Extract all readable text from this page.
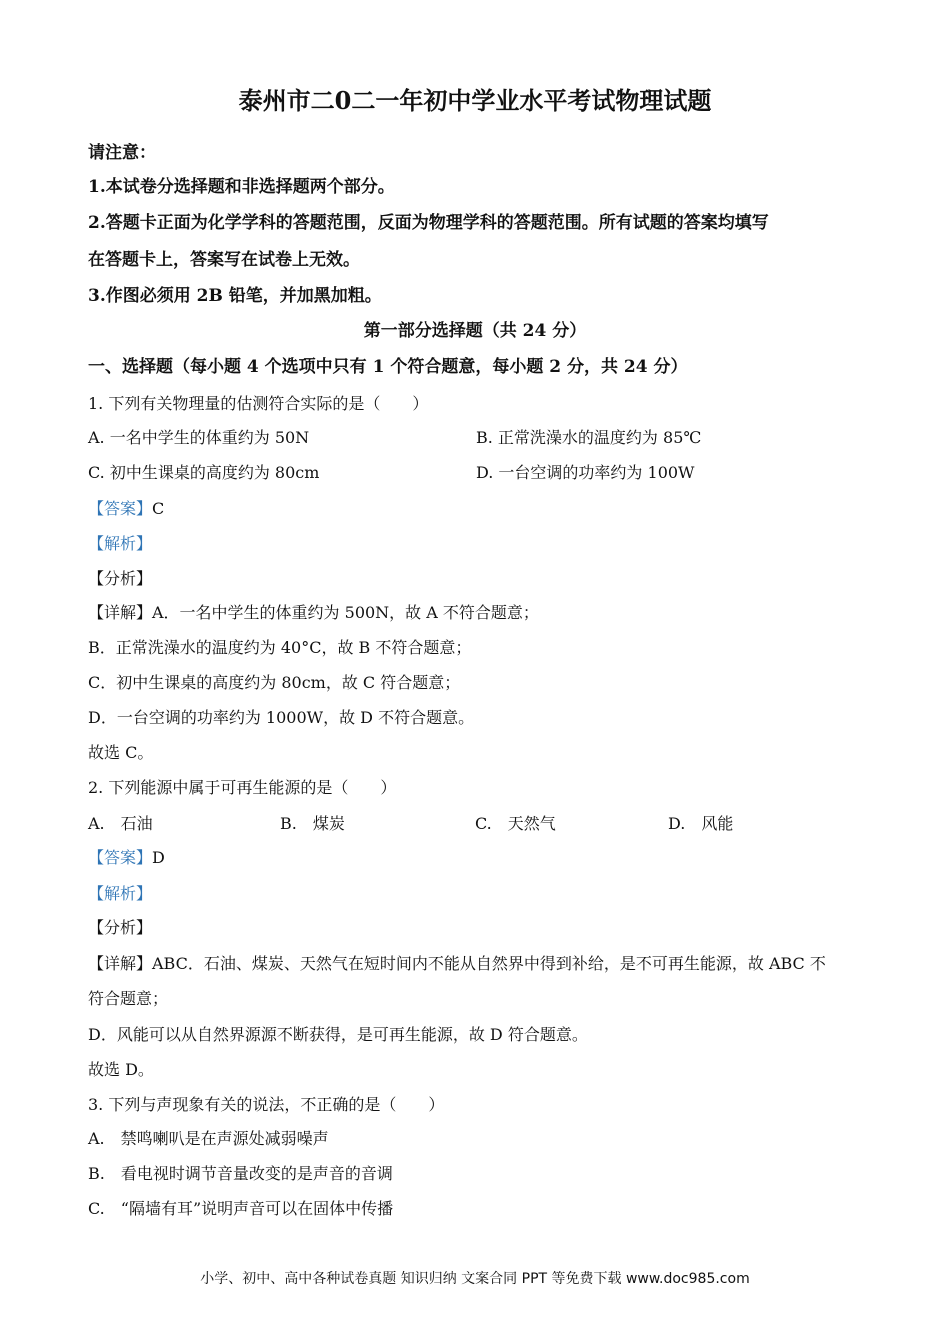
泰州市二0二一年初中学业水平考试物理试题
请注意：
1.本试卷分选择题和非选择题两个部分。
2.答题卡正面为化学学科的答题范围，反面为物理学科的答题范围。所有试题的答案均填写
在答题卡上，答案写在试卷上无效。
3.作图必须用 2B 铅笔，并加黑加粗。
第一部分选择题（共 24 分）
一、选择题（每小题 4 个选项中只有 1 个符合题意，每小题 2 分，共 24 分）
1. 下列有关物理量的估测符合实际的是（　　）
A. 一名中学生的体重约为 50N	B. 正常洗澡水的温度约为 85℃
C. 初中生课桌的高度约为 80cm	D. 一台空调的功率约为 100W
【答案】C
【解析】
【分析】
【详解】A．一名中学生的体重约为 500N，故 A 不符合题意；
B．正常洗澡水的温度约为 40°C，故 B 不符合题意；
C．初中生课桌的高度约为 80cm，故 C 符合题意；
D．一台空调的功率约为 1000W，故 D 不符合题意。
故选 C。
2. 下列能源中属于可再生能源的是（　　）
A.　石油	B.　煤炭	C.　天然气	D.　风能
【答案】D
【解析】
【分析】
【详解】ABC．石油、煤炭、天然气在短时间内不能从自然界中得到补给，是不可再生能源，故 ABC 不
符合题意；
D．风能可以从自然界源源不断获得，是可再生能源，故 D 符合题意。
故选 D。
3. 下列与声现象有关的说法，不正确的是（　　）
A.　禁鸣喇叭是在声源处减弱噪声
B.　看电视时调节音量改变的是声音的音调
C.　“隔墙有耳”说明声音可以在固体中传播
小学、初中、高中各种试卷真题 知识归纳 文案合同 PPT 等免费下载 www.doc985.com
